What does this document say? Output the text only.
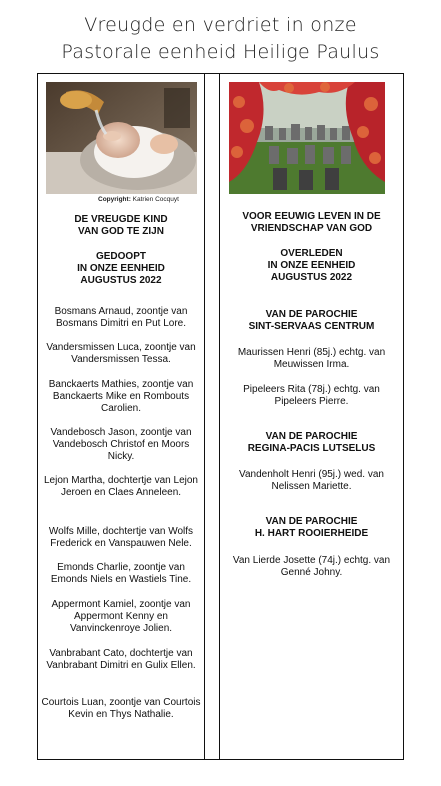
Vreugde en verdriet in onze
Pastorale eenheid Heilige Paulus
Copyright: Katrien Cocquyt
DE VREUGDE KIND
VAN GOD TE ZIJN
GEDOOPT
IN ONZE EENHEID
AUGUSTUS 2022
Bosmans Arnaud, zoontje van Bosmans Dimitri en Put Lore.
Vandersmissen Luca, zoontje van Vandersmissen Tessa.
Banckaerts Mathies, zoontje van Banckaerts Mike en Rombouts Carolien.
Vandebosch Jason, zoontje van Vandebosch Christof en Moors Nicky.
Lejon Martha, dochtertje van Lejon Jeroen en Claes Anneleen.
Wolfs Mille, dochtertje van Wolfs Frederick en Vanspauwen Nele.
Emonds Charlie, zoontje van Emonds Niels en Wastiels Tine.
Appermont Kamiel, zoontje van Appermont Kenny en Vanvinckenroye Jolien.
Vanbrabant Cato, dochtertje van Vanbrabant Dimitri en Gulix Ellen.
Courtois Luan, zoontje van Courtois Kevin en Thys Nathalie.
VOOR EEUWIG LEVEN IN DE
VRIENDSCHAP VAN GOD
OVERLEDEN
IN ONZE EENHEID
AUGUSTUS 2022
VAN DE PAROCHIE
SINT-SERVAAS CENTRUM
Maurissen Henri (85j.) echtg. van Meuwissen Irma.
Pipeleers Rita (78j.) echtg. van Pipeleers Pierre.
VAN DE PAROCHIE
REGINA-PACIS LUTSELUS
Vandenholt Henri (95j.) wed. van Nelissen Mariette.
VAN DE PAROCHIE
H. HART ROOIERHEIDE
Van Lierde Josette (74j.) echtg. van Genné Johny.
